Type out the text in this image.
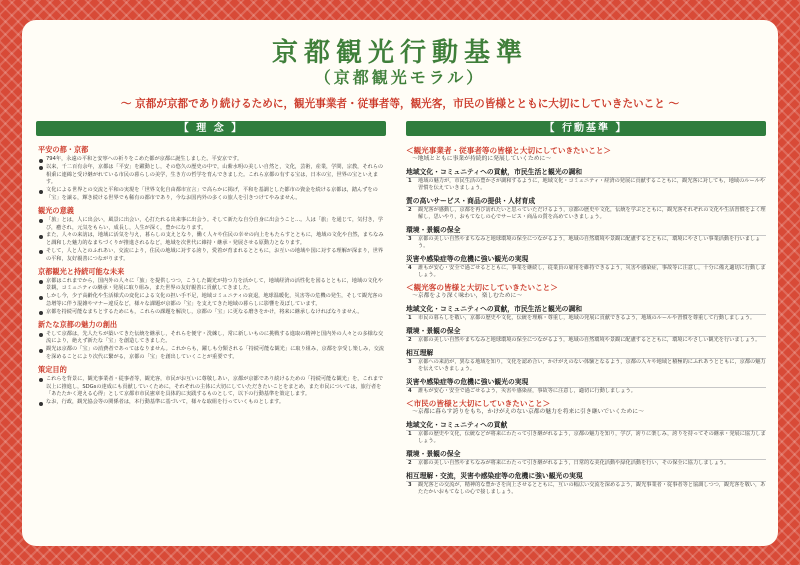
京都観光行動基準
（京都観光モラル）
～ 京都が京都であり続けるために，観光事業者・従事者等，観光客，市民の皆様とともに大切にしていきたいこと ～
【 理 念 】
平安の都・京都
794年，永遠の平和と安寧への祈りをこめた都が京都に誕生しました。平安京です。
以来，千二百有余年，京都は「平安」を躍動とし，その悠久の歴史の中で，山紫水明の美しい自然と，文化，芸術，産業，学問，宗教，それらの相乗に連綿と受け継がれている市民の暮らしの美学，生き方の哲学を育んできました。これら京都の有する宝は，日本の宝，世界の宝といえます。
文化による世界との交流と平和の実現を「世界文化自由都市宣言」で高らかに掲げ，平和を基調とした都市の資金を続ける京都は，踏んずをの「宝」を譲る，輝き続ける世界でも稀有の都市であり，今なお国内外の多くの旅人を引きつけてやみません。
観光の意義
「旅」とは，人に出会い，風景に出会い，心打たれる出来事に出会う。そして新たな自分自身に出会うこと…。人は「旅」を通じて，気付き，学び，癒され，元気をもらい，成長し，人生が深く，豊かになります。
また，人々の来訪は，地域に活気を与え，暮らしの支えとなり，働く人々や住民の幸せの向上をもたらすとともに，地域の文化や自然，まちなみと調和した魅力的なまちづくりが推進されるなど，地域を次世代に維持・継承・発展させる原動力となります。
そして，人と人とのふれあい，交流により，住民の地域に対する誇り，愛着が育まれるとともに，お互いの地域や国に対する理解が深まり，世界の平和，友好親善につながります。
京都観光と持続可能な未来
京都はこれまでから，国内外の人々に「旅」を提供しつつ，こうした観光が持つ力を活かして，地域経済の活性化を図るとともに，地域の文化や景観，コミュニティの継承・発展に取り組み，また世界の友好親善に貢献してきました。
しかし今，少子高齢化や生活様式の変化による文化の担い手不足，地域コミュニティの衰退，地球温暖化，災害等の危機の発生，そして観光客の急増等に伴う混雑やマナー違反など，様々な課題が京都の「宝」を支えてきた地域の暮らしに影響を及ぼしています。
京都を持続可能なまちとするためにも，これらの課題を解決し，京都の「宝」に更なる磨きをかけ，将来に継承しなければなりません。
新たな京都の魅力の創出
そして京都は，先人たちが築いてきた伝統を継承し，それらを便守・洗練し，常に新しいものに挑戦する進取の精神と国内外の人々との多様な交流により，絶えず新たな「宝」を創造してきました。
観光は京都の「宝」の消費者であってはなりません。これからも，躍しも分類される「持続可能な観光」に取り組み，京都を享受し楽しみ，交流を深めることにより次代に繋がる，京都の「宝」を創出していくことが重要です。
策定目的
これらを背景に，観光事業者・従事者等，観光客，市民がお互いに尊敬しあい，京都が京都であり続けるための「持続可能な観光」を，これまで以上に推進し，SDGsの達成にも貢献していくために，それぞれの主体に大切にしていただきたいことをまとめ，また市民については，旅行者を「あたたかく迎える心得」として京都市市民憲章を具体的に実践するものとして，以下の行動基準を策定します。
なお，行政，観光協会等の関係者は，本行動基準に基づいて，様々な取組を行っていくものとします。
【 行動基準 】
＜観光事業者・従事者等の皆様と大切にしていきたいこと＞
～地域とともに事業が持続的に発展していくために～
地域文化・コミュニティへの貢献，市民生活と観光の調和
1 地域の魅力が，市民生活の豊かさが調和するように，地域文化・コミュニティ・経済の発展に貢献することもに，観光客に対しても，地域のルールや習慣を伝えていきましょう。
質の高いサービス・商品の提供・人材育成
2 観光客が感動し，京都を再び訪れたいと思っていただけるよう，京都の歴史や文化，伝統を学ぶとともに，観光客それぞれの文化や生活習慣をよく理解し，思いやり，おもてなしの心でサービス・商品の質を高めていきましょう。
環境・景観の保全
3 京都の美しい自然やまちなみと地球環境の保全につながるよう，地域の自然環境や景観に配慮するとともに，環境にやさしい事業活動を行いましょう。
災害や感染症等の危機に強い観光の実現
4 誰もが安心・安全で過ごせるとともに，事業を継続し，従業員の雇用を維持できるよう，災害や感染症，事故等に注意し，十分に備え適切に行動しましょう。
＜観光客の皆様と大切にしていきたいこと＞
～京都をより深く味わい，楽しむために～
地域文化・コミュニティへの貢献，市民生活と観光の調和
1 市民の暮らしを敬い，京都の歴史や文化，伝統を理解・尊重し，地域の発展に貢献できるよう，地域のルールや習慣を尊重して行動しましょう。
環境・景観の保全
2 京都の美しい自然やまちなみと地球環境の保全につながるよう，地域の自然環境や景観に配慮するとともに，環境にやさしい観光を行いましょう。
相互理解
3 京都への来訪が，異なる地域を知り，文化を認め合い，かけがえのない体験となるよう，京都の人々や地域と積極的にふれあうとともに，京都の魅力を伝えていきましょう。
災害や感染症等の危機に強い観光の実現
4 誰もが安心・安全で過ごせるよう，災害や感染症，事故等に注意し，適切に行動しましょう。
＜市民の皆様と大切にしていきたいこと＞
～京都に暮らす誇りをもち，かけがえのない京都の魅力を将来に引き継いでいくために～
地域文化・コミュニティへの貢献
1 京都の歴史や文化，伝統などが将来にわたって引き継がれるよう，京都の魅力を知り，学び，誇りに楽しみ，誇りを持ってその継承・発展に協力しましょう。
環境・景観の保全
2 京都の美しい自然やまちなみが将来にわたって引き継がれるよう，日常的な美化活動や緑化活動を行い，その保全に協力しましょう。
相互理解・交流，災害や感染症等の危機に強い観光の実現
3 観光客との交流が，精神的な豊かさを向上させるとともに，互いの幅広い交流を深めるよう，観光事業者・従事者等と協調しつつ，観光客を敬い，あたたかいおもてなしの心で接しましょう。
